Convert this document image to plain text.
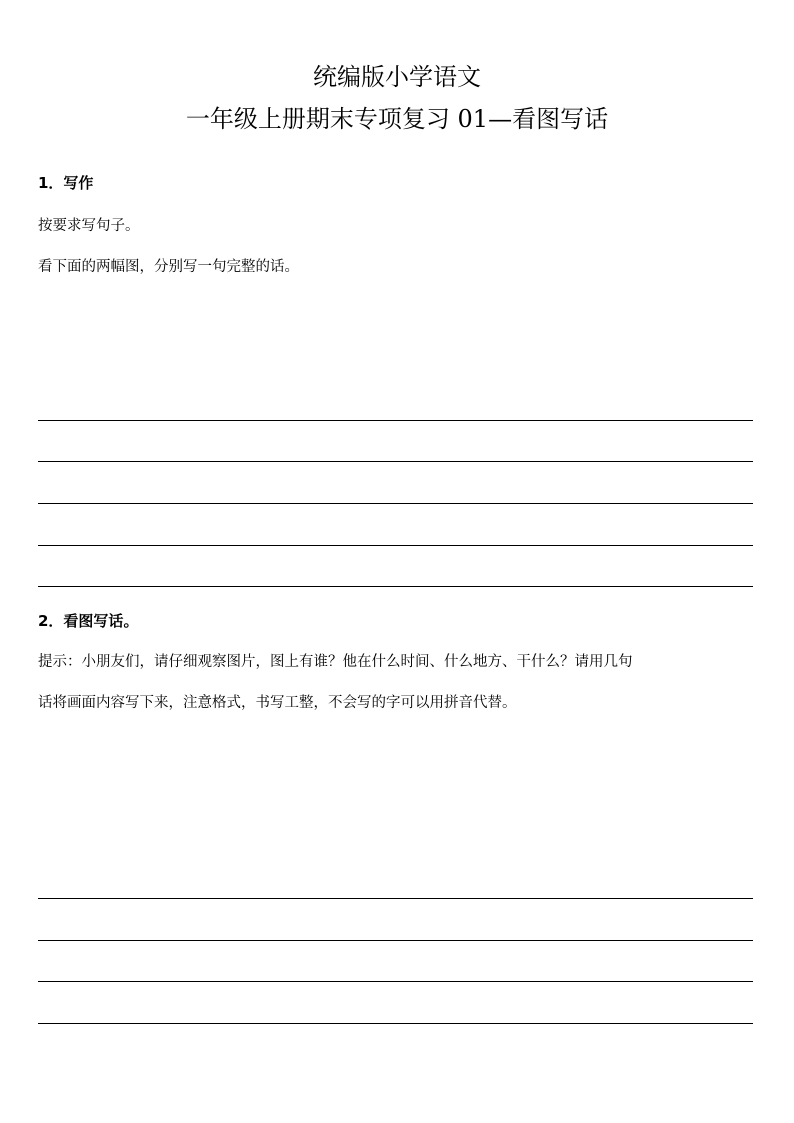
统编版小学语文
一年级上册期末专项复习 01—看图写话
1．写作
按要求写句子。
看下面的两幅图，分别写一句完整的话。
2．看图写话。
提示：小朋友们，请仔细观察图片，图上有谁？他在什么时间、什么地方、干什么？请用几句
话将画面内容写下来，注意格式，书写工整，不会写的字可以用拼音代替。
